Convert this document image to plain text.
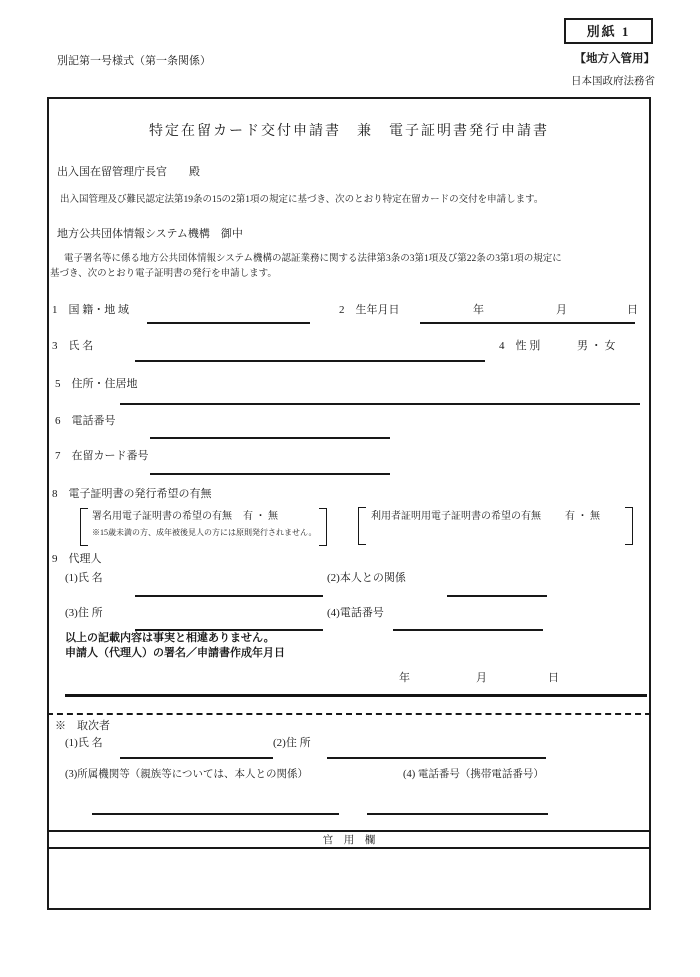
別紙 1
別記第一号様式（第一条関係）	【地方入管用】
日本国政府法務省
特定在留カード交付申請書　兼　電子証明書発行申請書
出入国在留管理庁長官　　殿
出入国管理及び難民認定法第19条の15の2第1項の規定に基づき、次のとおり特定在留カードの交付を申請します。
地方公共団体情報システム機構　御中
電子署名等に係る地方公共団体情報システム機構の認証業務に関する法律第3条の3第1項及び第22条の3第1項の規定に
基づき、次のとおり電子証明書の発行を申請します。
1　国 籍・地 域	2　生年月日	年	月	日
3　氏 名	4　性 別	男 ・ 女
5　住所・住居地
6　電話番号
7　在留カード番号
8　電子証明書の発行希望の有無
署名用電子証明書の希望の有無 有 ・ 無
※15歳未満の方、成年被後見人の方には原則発行されません。
利用者証明用電子証明書の希望の有無 有 ・ 無
9　代理人
(1)氏 名	(2)本人との関係
(3)住 所	(4)電話番号
以上の記載内容は事実と相違ありません。
申請人（代理人）の署名／申請書作成年月日
年	月	日
※　取次者
(1)氏 名	(2)住 所
(3)所属機関等（親族等については、本人との関係）	(4) 電話番号（携帯電話番号）
官　用　欄
